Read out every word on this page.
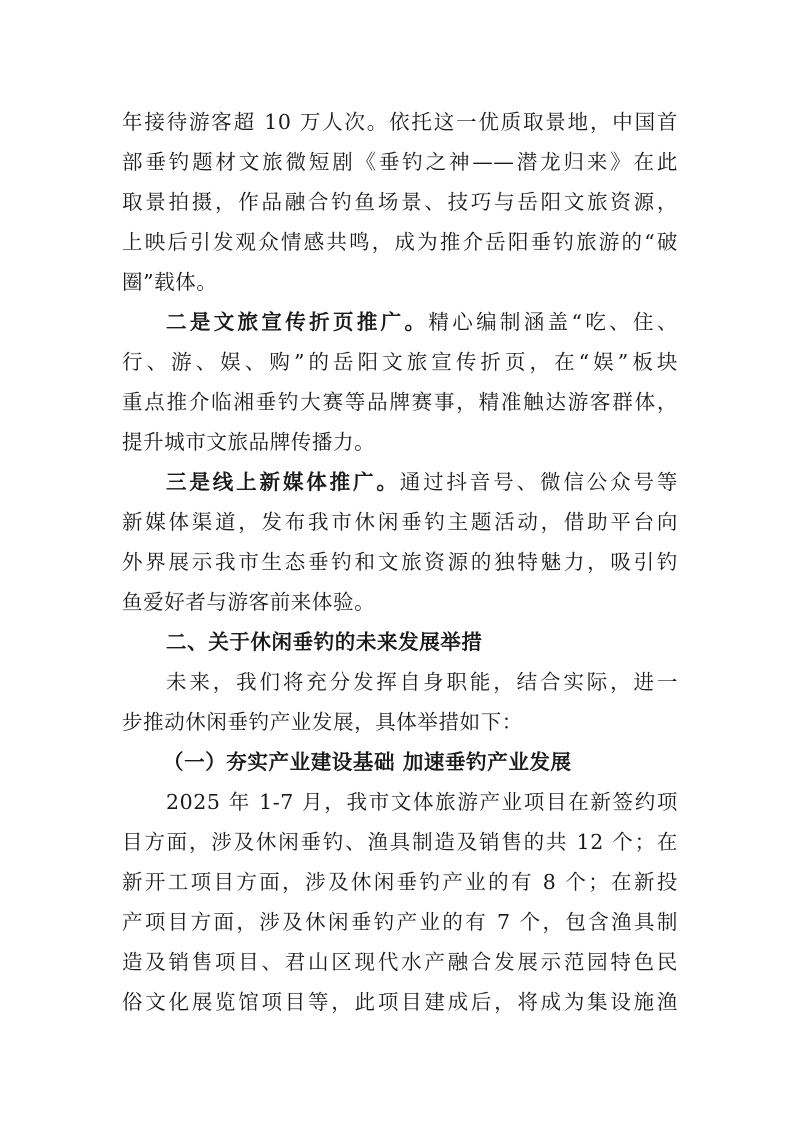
年接待游客超 10 万人次。依托这一优质取景地，中国首
部垂钓题材文旅微短剧《垂钓之神——潜龙归来》在此
取景拍摄，作品融合钓鱼场景、技巧与岳阳文旅资源，
上映后引发观众情感共鸣，成为推介岳阳垂钓旅游的“破
圈”载体。
二是文旅宣传折页推广。精心编制涵盖“吃、住、
行、游、娱、购”的岳阳文旅宣传折页，在“娱”板块
重点推介临湘垂钓大赛等品牌赛事，精准触达游客群体，
提升城市文旅品牌传播力。
三是线上新媒体推广。通过抖音号、微信公众号等
新媒体渠道，发布我市休闲垂钓主题活动，借助平台向
外界展示我市生态垂钓和文旅资源的独特魅力，吸引钓
鱼爱好者与游客前来体验。
二、关于休闲垂钓的未来发展举措
未来，我们将充分发挥自身职能，结合实际，进一
步推动休闲垂钓产业发展，具体举措如下：
（一）夯实产业建设基础 加速垂钓产业发展
2025 年 1-7 月，我市文体旅游产业项目在新签约项
目方面，涉及休闲垂钓、渔具制造及销售的共 12 个；在
新开工项目方面，涉及休闲垂钓产业的有 8 个；在新投
产项目方面，涉及休闲垂钓产业的有 7 个，包含渔具制
造及销售项目、君山区现代水产融合发展示范园特色民
俗文化展览馆项目等，此项目建成后，将成为集设施渔
